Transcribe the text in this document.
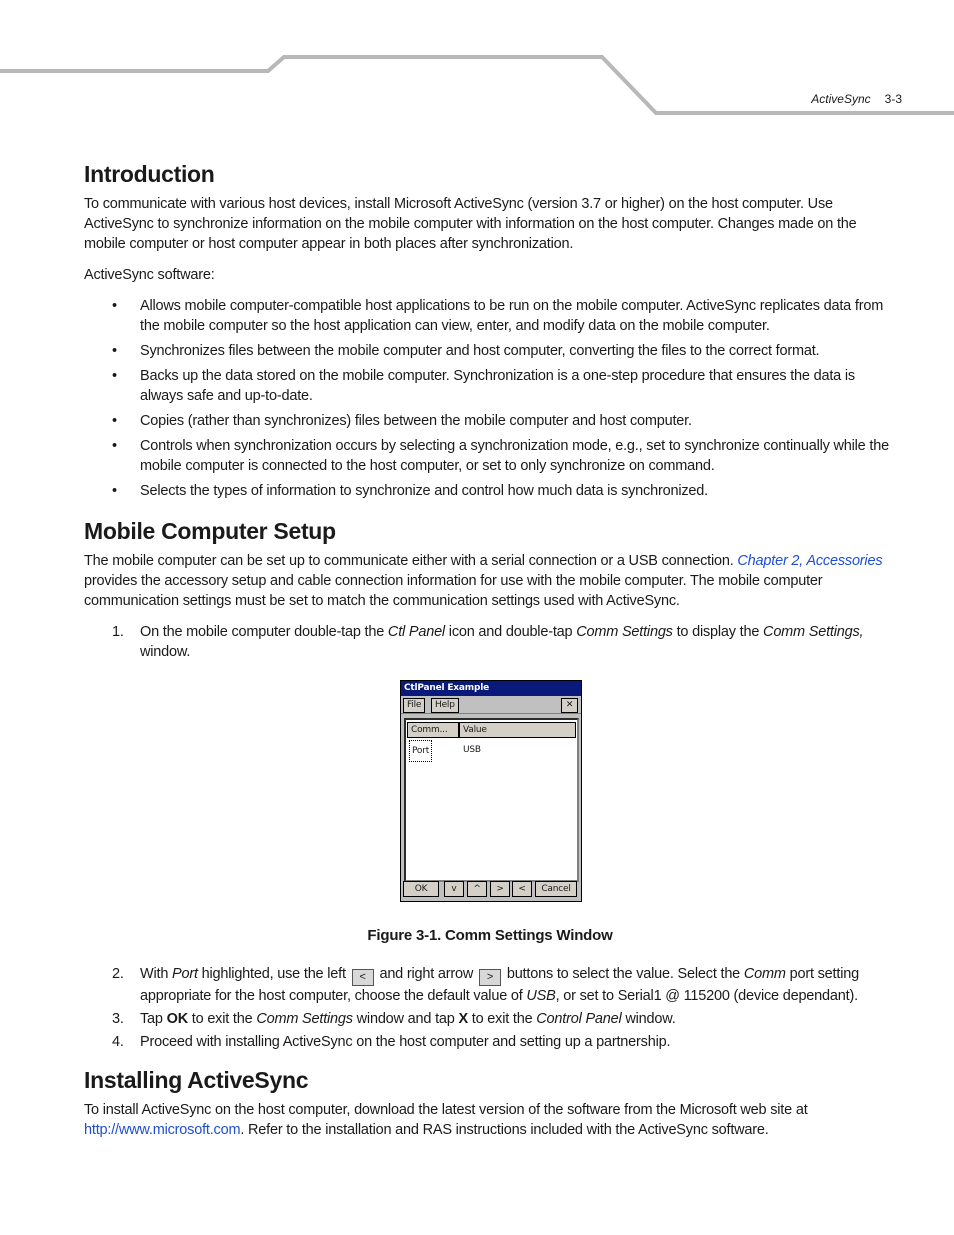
ActiveSync 3-3
Introduction

To communicate with various host devices, install Microsoft ActiveSync (version 3.7 or higher) on the host computer. Use ActiveSync to synchronize information on the mobile computer with information on the host computer. Changes made on the mobile computer or host computer appear in both places after synchronization.

ActiveSync software:

• Allows mobile computer-compatible host applications to be run on the mobile computer. ActiveSync replicates data from the mobile computer so the host application can view, enter, and modify data on the mobile computer.
• Synchronizes files between the mobile computer and host computer, converting the files to the correct format.
• Backs up the data stored on the mobile computer. Synchronization is a one-step procedure that ensures the data is always safe and up-to-date.
• Copies (rather than synchronizes) files between the mobile computer and host computer.
• Controls when synchronization occurs by selecting a synchronization mode, e.g., set to synchronize continually while the mobile computer is connected to the host computer, or set to only synchronize on command.
• Selects the types of information to synchronize and control how much data is synchronized.
Mobile Computer Setup

The mobile computer can be set up to communicate either with a serial connection or a USB connection. Chapter 2, Accessories provides the accessory setup and cable connection information for use with the mobile computer. The mobile computer communication settings must be set to match the communication settings used with ActiveSync.

1. On the mobile computer double-tap the Ctl Panel icon and double-tap Comm Settings to display the Comm Settings, window.
CtlPanel Example
File	Help	✕
Comm...	Value
Port	USB
OK	v	^	>	<	Cancel
Figure 3-1. Comm Settings Window
2. With Port highlighted, use the left < and right arrow > buttons to select the value. Select the Comm port setting appropriate for the host computer, choose the default value of USB, or set to Serial1 @ 115200 (device dependant).
3. Tap OK to exit the Comm Settings window and tap X to exit the Control Panel window.
4. Proceed with installing ActiveSync on the host computer and setting up a partnership.
Installing ActiveSync

To install ActiveSync on the host computer, download the latest version of the software from the Microsoft web site at http://www.microsoft.com. Refer to the installation and RAS instructions included with the ActiveSync software.
